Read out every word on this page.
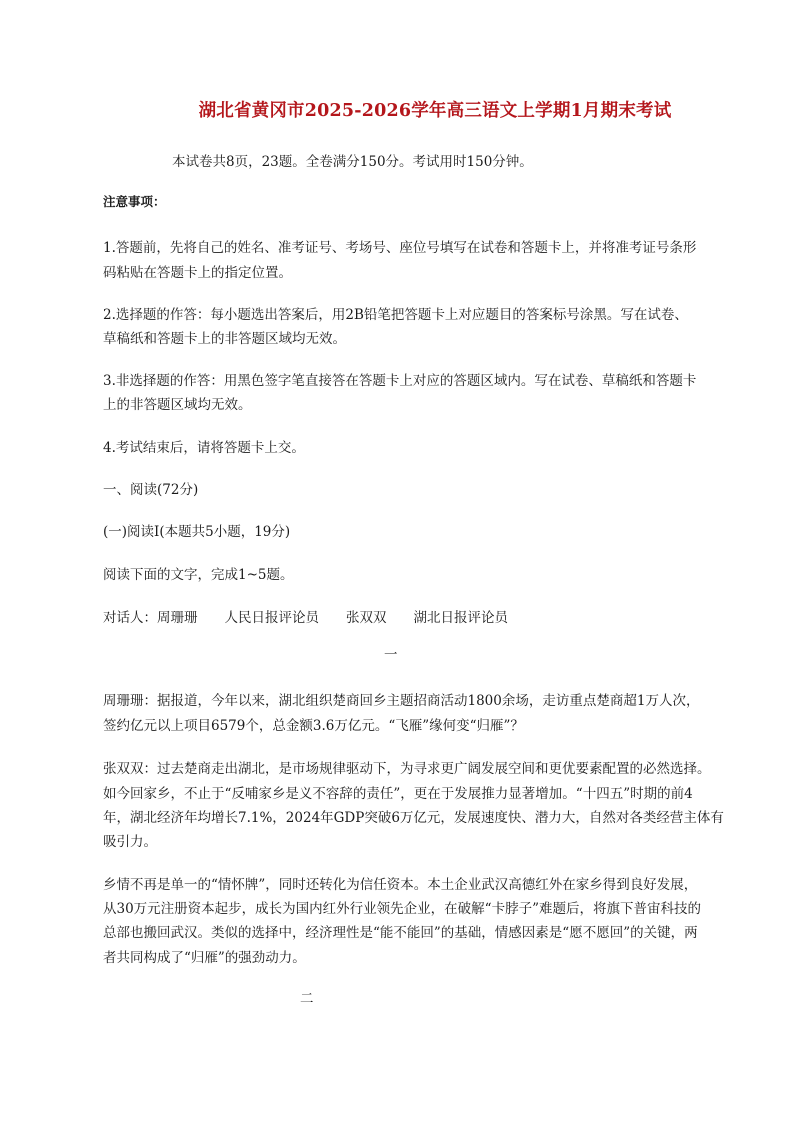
湖北省黄冈市2025-2026学年高三语文上学期1月期末考试
本试卷共8页，23题。全卷满分150分。考试用时150分钟。
注意事项：
1.答题前，先将自己的姓名、准考证号、考场号、座位号填写在试卷和答题卡上，并将准考证号条形
码粘贴在答题卡上的指定位置。
2.选择题的作答：每小题选出答案后，用2B铅笔把答题卡上对应题目的答案标号涂黑。写在试卷、
草稿纸和答题卡上的非答题区域均无效。
3.非选择题的作答：用黑色签字笔直接答在答题卡上对应的答题区域内。写在试卷、草稿纸和答题卡
上的非答题区域均无效。
4.考试结束后，请将答题卡上交。
一、阅读(72分)
(一)阅读Ⅰ(本题共5小题，19分)
阅读下面的文字，完成1~5题。
对话人：周珊珊　　人民日报评论员　　张双双　　湖北日报评论员
一
周珊珊：据报道，今年以来，湖北组织楚商回乡主题招商活动1800余场，走访重点楚商超1万人次，
签约亿元以上项目6579个，总金额3.6万亿元。“飞雁”缘何变“归雁”？
张双双：过去楚商走出湖北，是市场规律驱动下，为寻求更广阔发展空间和更优要素配置的必然选择。
如今回家乡，不止于“反哺家乡是义不容辞的责任”，更在于发展推力显著增加。“十四五”时期的前4
年，湖北经济年均增长7.1%，2024年GDP突破6万亿元，发展速度快、潜力大，自然对各类经营主体有
吸引力。
　　乡情不再是单一的“情怀牌”，同时还转化为信任资本。本土企业武汉高德红外在家乡得到良好发展，
从30万元注册资本起步，成长为国内红外行业领先企业，在破解“卡脖子”难题后，将旗下普宙科技的
总部也搬回武汉。类似的选择中，经济理性是“能不能回”的基础，情感因素是“愿不愿回”的关键，两
者共同构成了“归雁”的强劲动力。
二
